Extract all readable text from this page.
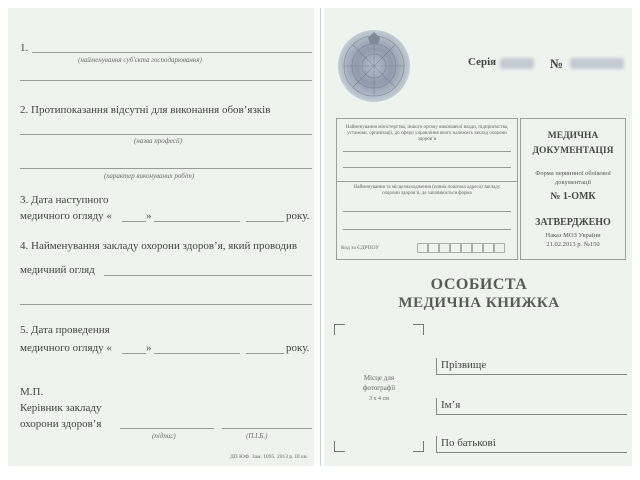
1.
(найменування суб'єкта господарювання)
2. Протипоказання відсутні для виконання обов’язків
(назва професії)
(характер виконуваних робіт)
3. Дата наступного
медичного огляду «	»	року.
4. Найменування закладу охорони здоров’я, який проводив
медичний огляд
5. Дата проведення
медичного огляду «	»	року.
М.П.
Керівник закладу
охорони здоров’я
(підпис)	(П.І.Б.)
ДП ЮФ. Зам. 1095. 2013 р. Ill кв.
Серія	№
Найменування міністерства, іншого органу виконавчої влади, підприємства, установи, організації, до сфери управління якого належить заклад охорони здоров’я
Найменування та місцезнаходження (повна поштова адреса) закладу охорони здоров’я, де заповнюється форма
Код за ЄДРПОУ
МЕДИЧНА ДОКУМЕНТАЦІЯ
Форма первинної облікової документації
№ 1-ОМК
ЗАТВЕРДЖЕНО
Наказ МОЗ України
21.02.2013 р. №150
ОСОБИСТА
МЕДИЧНА КНИЖКА
Місце для
фотографії
3 х 4 см
Прізвище
Ім’я
По батькові
